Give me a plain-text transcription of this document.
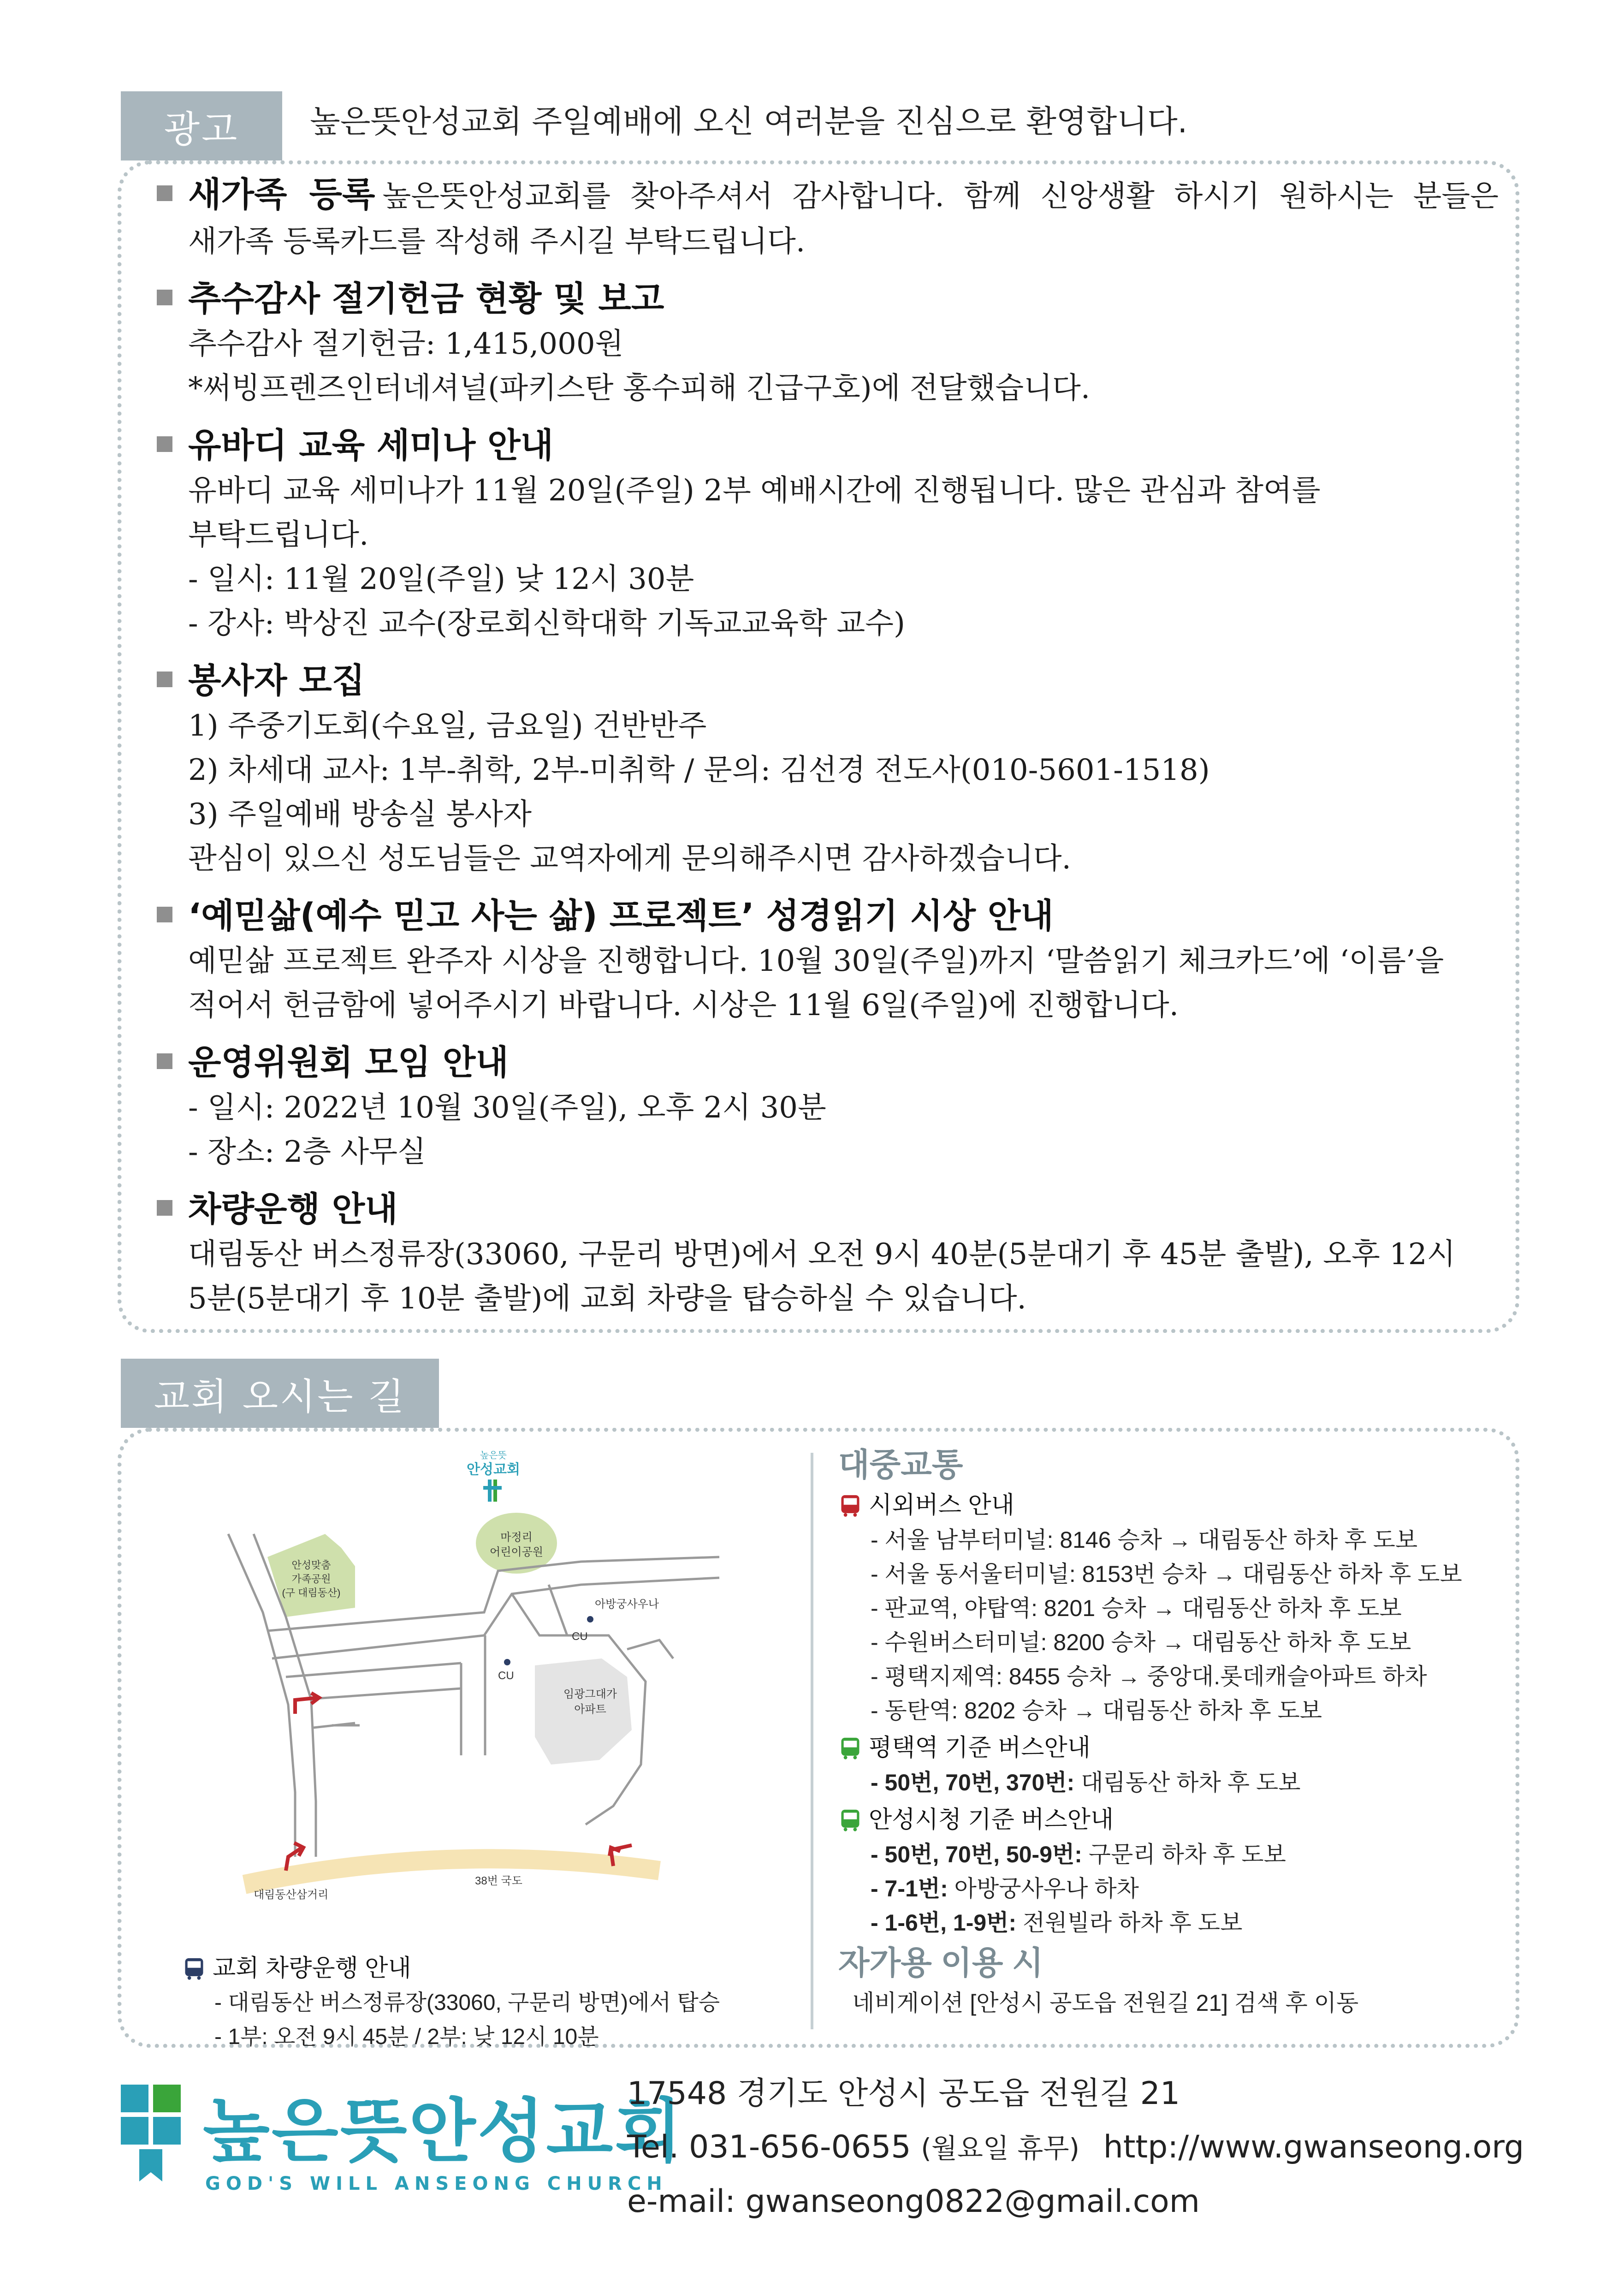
광고 높은뜻안성교회 주일예배에 오신 여러분을 진심으로 환영합니다.
새가족 등록 높은뜻안성교회를 찾아주셔서 감사합니다. 함께 신앙생활 하시기 원하시는 분들은
새가족 등록카드를 작성해 주시길 부탁드립니다.
추수감사 절기헌금 현황 및 보고
추수감사 절기헌금: 1,415,000원
*써빙프렌즈인터네셔널(파키스탄 홍수피해 긴급구호)에 전달했습니다.
유바디 교육 세미나 안내
유바디 교육 세미나가 11월 20일(주일) 2부 예배시간에 진행됩니다. 많은 관심과 참여를
부탁드립니다.
- 일시: 11월 20일(주일) 낮 12시 30분
- 강사: 박상진 교수(장로회신학대학 기독교교육학 교수)
봉사자 모집
1) 주중기도회(수요일, 금요일) 건반반주
2) 차세대 교사: 1부-취학, 2부-미취학 / 문의: 김선경 전도사(010-5601-1518)
3) 주일예배 방송실 봉사자
관심이 있으신 성도님들은 교역자에게 문의해주시면 감사하겠습니다.
‘예믿삶(예수 믿고 사는 삶) 프로젝트’ 성경읽기 시상 안내
예믿삶 프로젝트 완주자 시상을 진행합니다. 10월 30일(주일)까지 ‘말씀읽기 체크카드’에 ‘이름’을
적어서 헌금함에 넣어주시기 바랍니다. 시상은 11월 6일(주일)에 진행합니다.
운영위원회 모임 안내
- 일시: 2022년 10월 30일(주일), 오후 2시 30분
- 장소: 2층 사무실
차량운행 안내
대림동산 버스정류장(33060, 구문리 방면)에서 오전 9시 40분(5분대기 후 45분 출발), 오후 12시
5분(5분대기 후 10분 출발)에 교회 차량을 탑승하실 수 있습니다.
교회 오시는 길
높은뜻
안성교회
마정리 어린이공원
안성맞춤
가족공원
(구 대림동산)
임광그대가
아파트
아방궁사우나
CU
CU
38번 국도
대림동산삼거리
교회 차량운행 안내
- 대림동산 버스정류장(33060, 구문리 방면)에서 탑승
- 1부: 오전 9시 45분 / 2부: 낮 12시 10분
대중교통
시외버스 안내
- 서울 남부터미널: 8146 승차 → 대림동산 하차 후 도보
- 서울 동서울터미널: 8153번 승차 → 대림동산 하차 후 도보
- 판교역, 야탑역: 8201 승차 → 대림동산 하차 후 도보
- 수원버스터미널: 8200 승차 → 대림동산 하차 후 도보
- 평택지제역: 8455 승차 → 중앙대.롯데캐슬아파트 하차
- 동탄역: 8202 승차 → 대림동산 하차 후 도보
평택역 기준 버스안내
- 50번, 70번, 370번: 대림동산 하차 후 도보
안성시청 기준 버스안내
- 50번, 70번, 50-9번: 구문리 하차 후 도보
- 7-1번: 아방궁사우나 하차
- 1-6번, 1-9번: 전원빌라 하차 후 도보
자가용 이용 시
네비게이션 [안성시 공도읍 전원길 21] 검색 후 이동
높은뜻안성교회
GOD'S WILL ANSEONG CHURCH
17548 경기도 안성시 공도읍 전원길 21
Tel. 031-656-0655 (월요일 휴무) http://www.gwanseong.org
e-mail: gwanseong0822@gmail.com
